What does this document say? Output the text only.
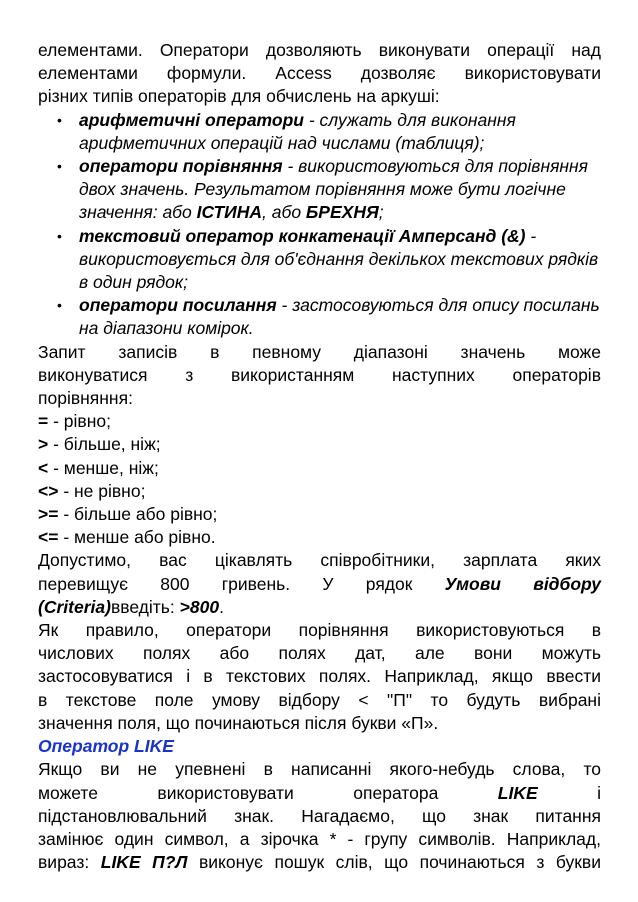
елементами. Оператори дозволяють виконувати операції над
елементами формули. Access дозволяє використовувати
різних типів операторів для обчислень на аркуші:

• арифметичні оператори - служать для виконання арифметичних операцій над числами (таблиця);
• оператори порівняння - використовуються для порівняння двох значень. Результатом порівняння може бути логічне значення: або ІСТИНА, або БРЕХНЯ;
• текстовий оператор конкатенації Амперсанд (&) - використовується для об'єднання декількох текстових рядків в один рядок;
• оператори посилання - застосовуються для опису посилань на діапазони комірок.

Запит записів в певному діапазоні значень може
виконуватися з використанням наступних операторів
порівняння:

= - рівно;
> - більше, ніж;
< - менше, ніж;
<> - не рівно;
>= - більше або рівно;
<= - менше або рівно.

Допустимо, вас цікавлять співробітники, зарплата яких
перевищує 800 гривень. У рядок Умови відбору
(Criteria)введіть: >800.

Як правило, оператори порівняння використовуються в
числових полях або полях дат, але вони можуть
застосовуватися і в текстових полях. Наприклад, якщо ввести
в текстове поле умову відбору < "П" то будуть вибрані
значення поля, що починаються після букви «П».

Оператор LIKE

Якщо ви не упевнені в написанні якого-небудь слова, то
можете використовувати оператора LIKE і
підстановлювальний знак. Нагадаємо, що знак питання
замінює один символ, а зірочка * - групу символів. Наприклад,
вираз: LIKE П?Л виконує пошук слів, що починаються з букви
